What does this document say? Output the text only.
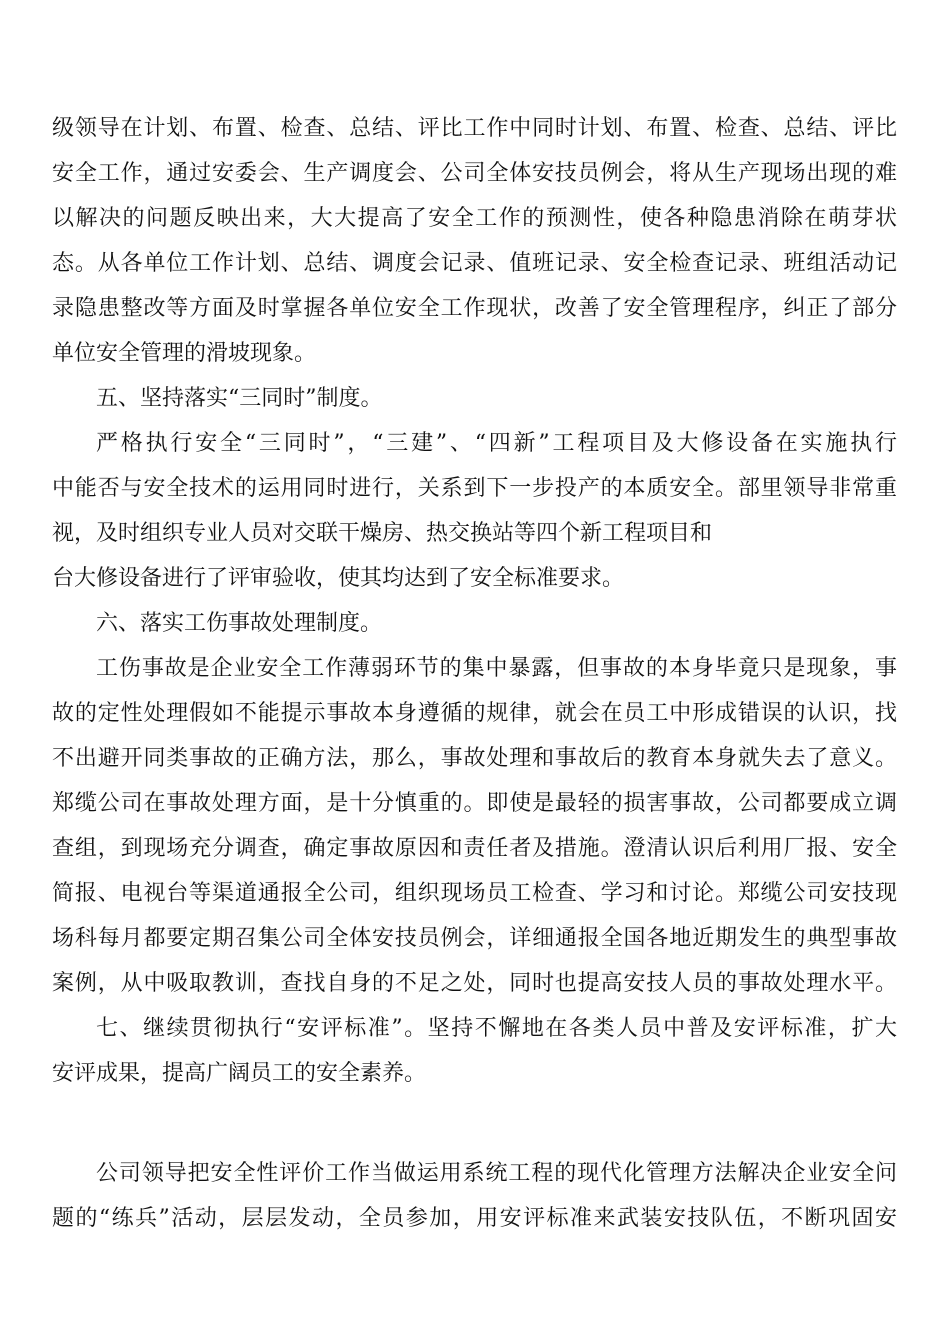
级领导在计划、布置、检查、总结、评比工作中同时计划、布置、检查、总结、评比
安全工作，通过安委会、生产调度会、公司全体安技员例会，将从生产现场出现的难
以解决的问题反映出来，大大提高了安全工作的预测性，使各种隐患消除在萌芽状
态。从各单位工作计划、总结、调度会记录、值班记录、安全检查记录、班组活动记
录隐患整改等方面及时掌握各单位安全工作现状，改善了安全管理程序，纠正了部分
单位安全管理的滑坡现象。
五、坚持落实“三同时”制度。
严格执行安全“三同时”，“三建”、“四新”工程项目及大修设备在实施执行
中能否与安全技术的运用同时进行，关系到下一步投产的本质安全。部里领导非常重
视，及时组织专业人员对交联干燥房、热交换站等四个新工程项目和
台大修设备进行了评审验收，使其均达到了安全标准要求。
六、落实工伤事故处理制度。
工伤事故是企业安全工作薄弱环节的集中暴露，但事故的本身毕竟只是现象，事
故的定性处理假如不能提示事故本身遵循的规律，就会在员工中形成错误的认识，找
不出避开同类事故的正确方法，那么，事故处理和事故后的教育本身就失去了意义。
郑缆公司在事故处理方面，是十分慎重的。即使是最轻的损害事故，公司都要成立调
查组，到现场充分调查，确定事故原因和责任者及措施。澄清认识后利用厂报、安全
简报、电视台等渠道通报全公司，组织现场员工检查、学习和讨论。郑缆公司安技现
场科每月都要定期召集公司全体安技员例会，详细通报全国各地近期发生的典型事故
案例，从中吸取教训，查找自身的不足之处，同时也提高安技人员的事故处理水平。
七、继续贯彻执行“安评标准”。坚持不懈地在各类人员中普及安评标准，扩大
安评成果，提高广阔员工的安全素养。
公司领导把安全性评价工作当做运用系统工程的现代化管理方法解决企业安全问
题的“练兵”活动，层层发动，全员参加，用安评标准来武装安技队伍，不断巩固安
